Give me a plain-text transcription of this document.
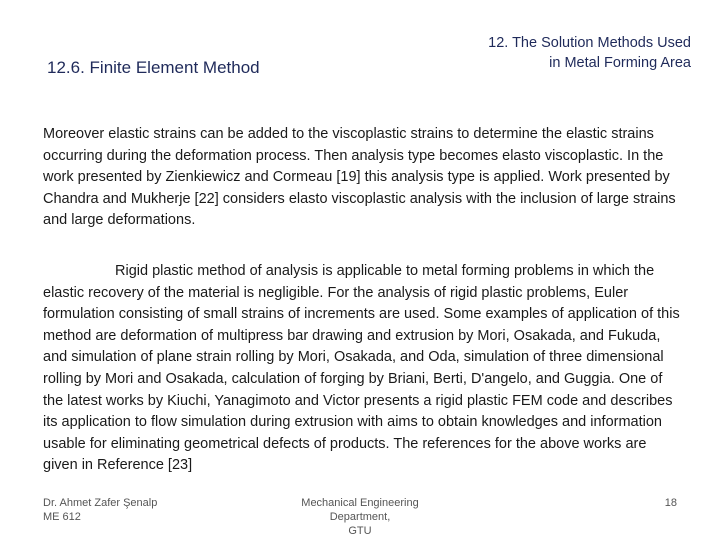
12.6. Finite Element Method
12. The Solution Methods Used
in Metal Forming Area

Moreover elastic strains can be added to the viscoplastic strains to determine the elastic strains occurring during the deformation process. Then analysis type becomes elasto viscoplastic. In the work presented by Zienkiewicz and Cormeau [19] this analysis type is applied. Work presented by Chandra and Mukherje [22] considers elasto viscoplastic analysis with the inclusion of large strains and large deformations.

Rigid plastic method of analysis is applicable to metal forming problems in which the elastic recovery of the material is negligible. For the analysis of rigid plastic problems, Euler formulation consisting of small strains of increments are used. Some examples of application of this method are deformation of multipress bar drawing and extrusion by Mori, Osakada, and Fukuda, and simulation of plane strain rolling by Mori, Osakada, and Oda, simulation of three dimensional rolling by Mori and Osakada, calculation of forging by Briani, Berti, D'angelo, and Guggia. One of the latest works by Kiuchi, Yanagimoto and Victor presents a rigid plastic FEM code and describes its application to flow simulation during extrusion with aims to obtain knowledges and information usable for eliminating geometrical defects of products. The references for the above works are given in Reference [23]

Dr. Ahmet Zafer Şenalp
ME 612
Mechanical Engineering Department,
GTU
18
